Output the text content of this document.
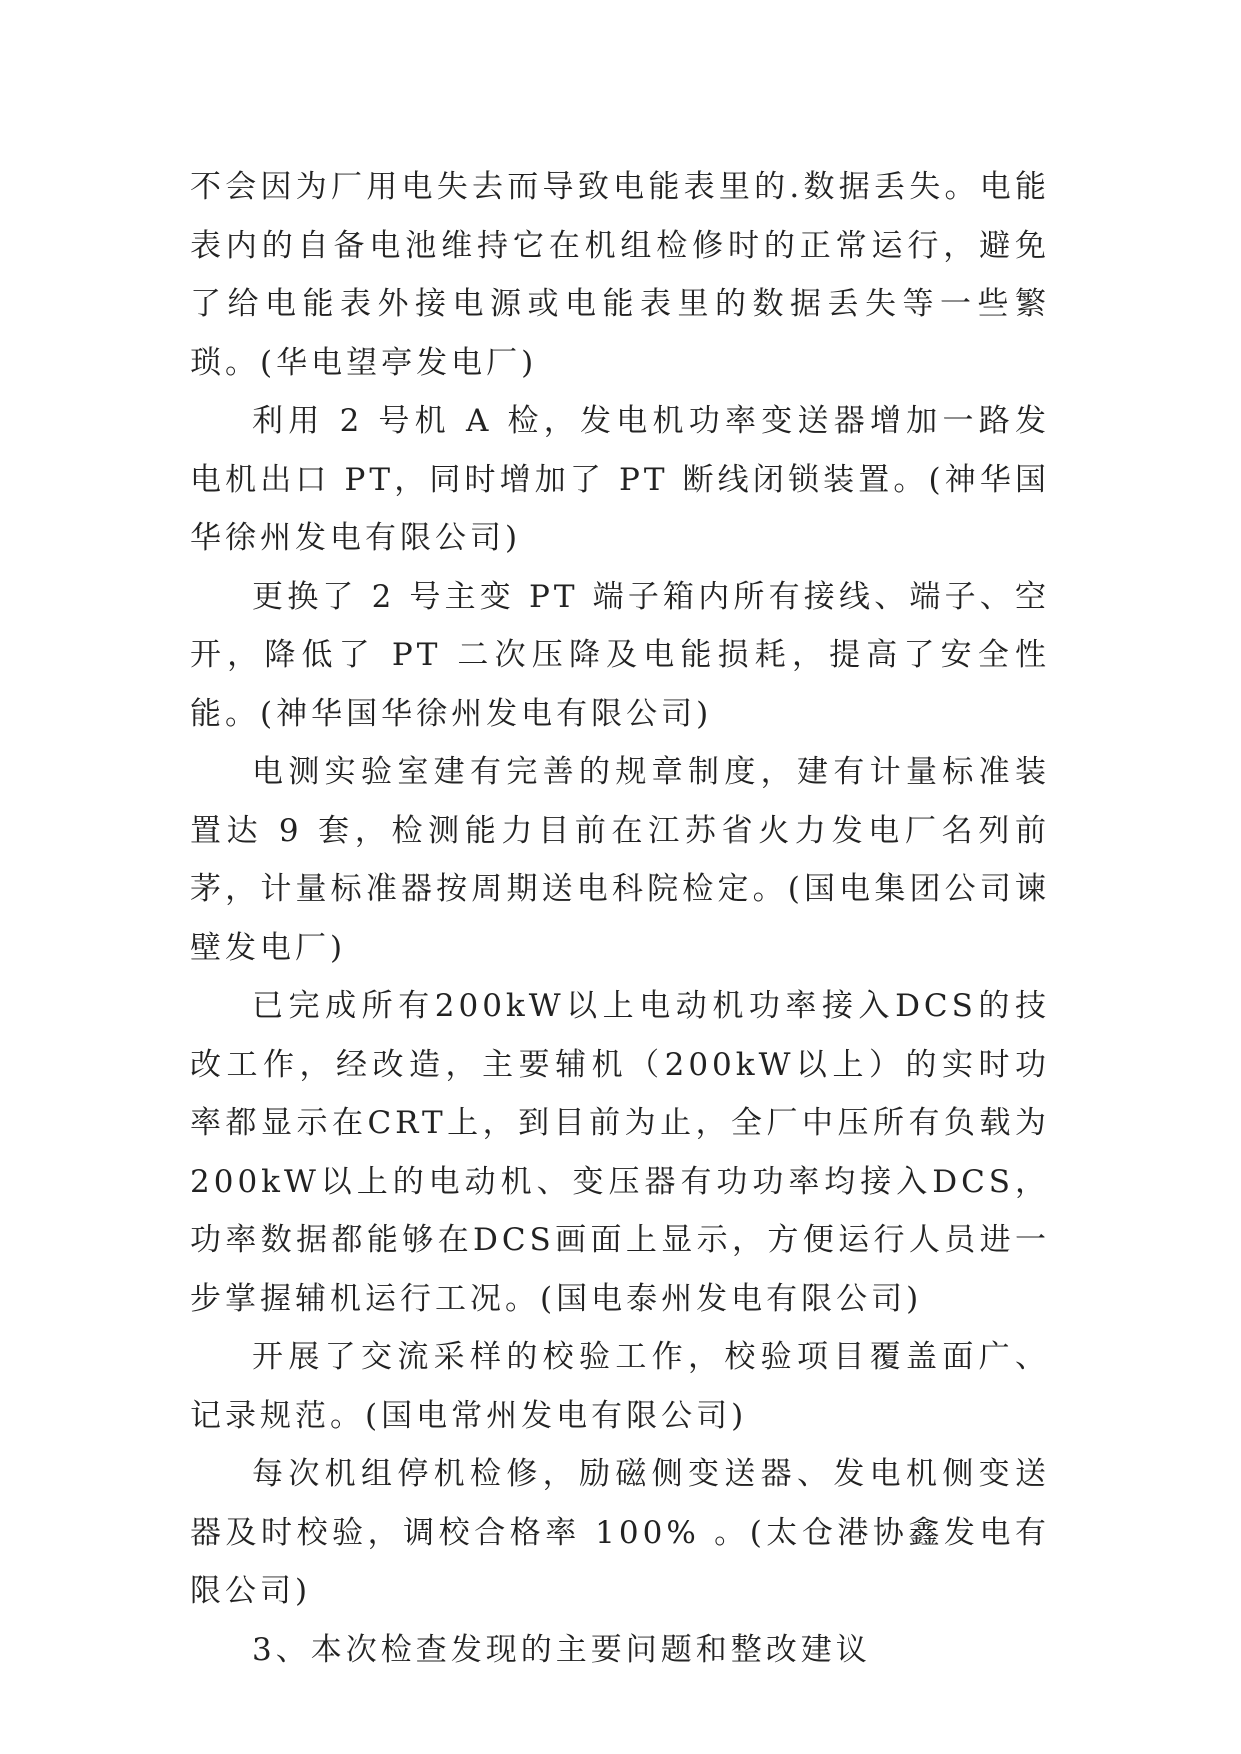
不会因为厂用电失去而导致电能表里的.数据丢失。电能表内的自备电池维持它在机组检修时的正常运行，避免了给电能表外接电源或电能表里的数据丢失等一些繁琐。(华电望亭发电厂)

利用 2 号机 A 检，发电机功率变送器增加一路发电机出口 PT，同时增加了 PT 断线闭锁装置。(神华国华徐州发电有限公司)

更换了 2 号主变 PT 端子箱内所有接线、端子、空开，降低了 PT 二次压降及电能损耗，提高了安全性能。(神华国华徐州发电有限公司)

电测实验室建有完善的规章制度，建有计量标准装置达 9 套，检测能力目前在江苏省火力发电厂名列前茅，计量标准器按周期送电科院检定。(国电集团公司谏壁发电厂)

已完成所有200kW以上电动机功率接入DCS的技改工作，经改造，主要辅机（200kW以上）的实时功率都显示在CRT上，到目前为止，全厂中压所有负载为200kW以上的电动机、变压器有功功率均接入DCS，功率数据都能够在DCS画面上显示，方便运行人员进一步掌握辅机运行工况。(国电泰州发电有限公司)

开展了交流采样的校验工作，校验项目覆盖面广、记录规范。(国电常州发电有限公司)

每次机组停机检修，励磁侧变送器、发电机侧变送器及时校验，调校合格率 100% 。(太仓港协鑫发电有限公司)

3、本次检查发现的主要问题和整改建议
